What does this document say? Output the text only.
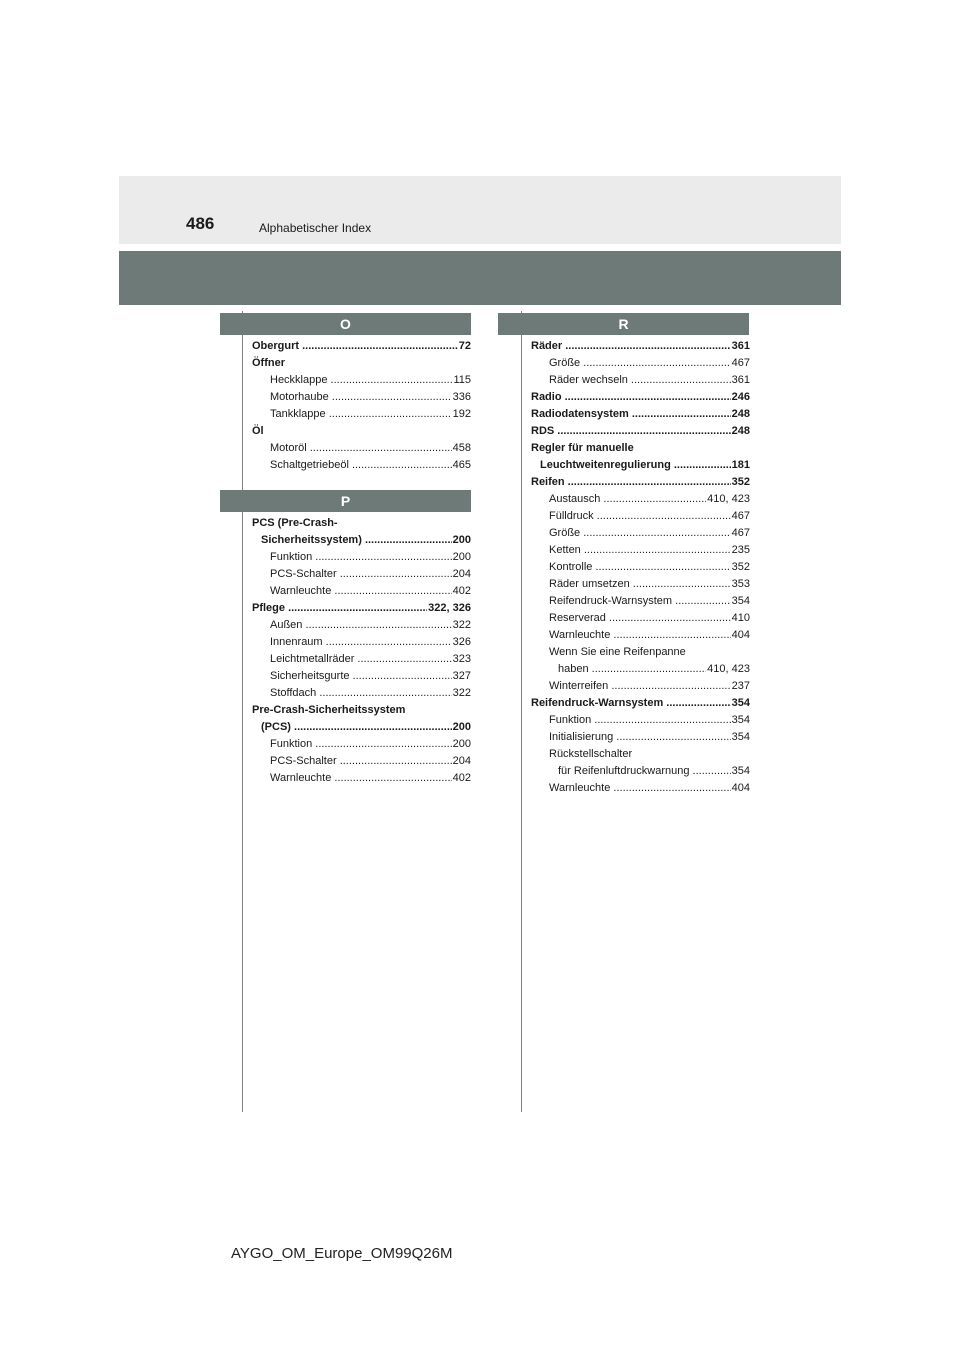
486	Alphabetischer Index
O
Obergurt .....	72
Öffner
Heckklappe .....	115
Motorhaube .....	336
Tankklappe .....	192
Öl
Motoröl .....	458
Schaltgetriebeöl .....	465
P
PCS (Pre-Crash-
Sicherheitssystem) .....	200
Funktion .....	200
PCS-Schalter .....	204
Warnleuchte .....	402
Pflege .....	322, 326
Außen .....	322
Innenraum .....	326
Leichtmetallräder .....	323
Sicherheitsgurte .....	327
Stoffdach .....	322
Pre-Crash-Sicherheitssystem
(PCS) .....	200
Funktion .....	200
PCS-Schalter .....	204
Warnleuchte .....	402
R
Räder .....	361
Größe .....	467
Räder wechseln .....	361
Radio .....	246
Radiodatensystem .....	248
RDS .....	248
Regler für manuelle
Leuchtweitenregulierung .....	181
Reifen .....	352
Austausch .....	410, 423
Fülldruck .....	467
Größe .....	467
Ketten .....	235
Kontrolle .....	352
Räder umsetzen .....	353
Reifendruck-Warnsystem .....	354
Reserverad .....	410
Warnleuchte .....	404
Wenn Sie eine Reifenpanne
haben .....	410, 423
Winterreifen .....	237
Reifendruck-Warnsystem .....	354
Funktion .....	354
Initialisierung .....	354
Rückstellschalter
für Reifenluftdruckwarnung .....	354
Warnleuchte .....	404
AYGO_OM_Europe_OM99Q26M
